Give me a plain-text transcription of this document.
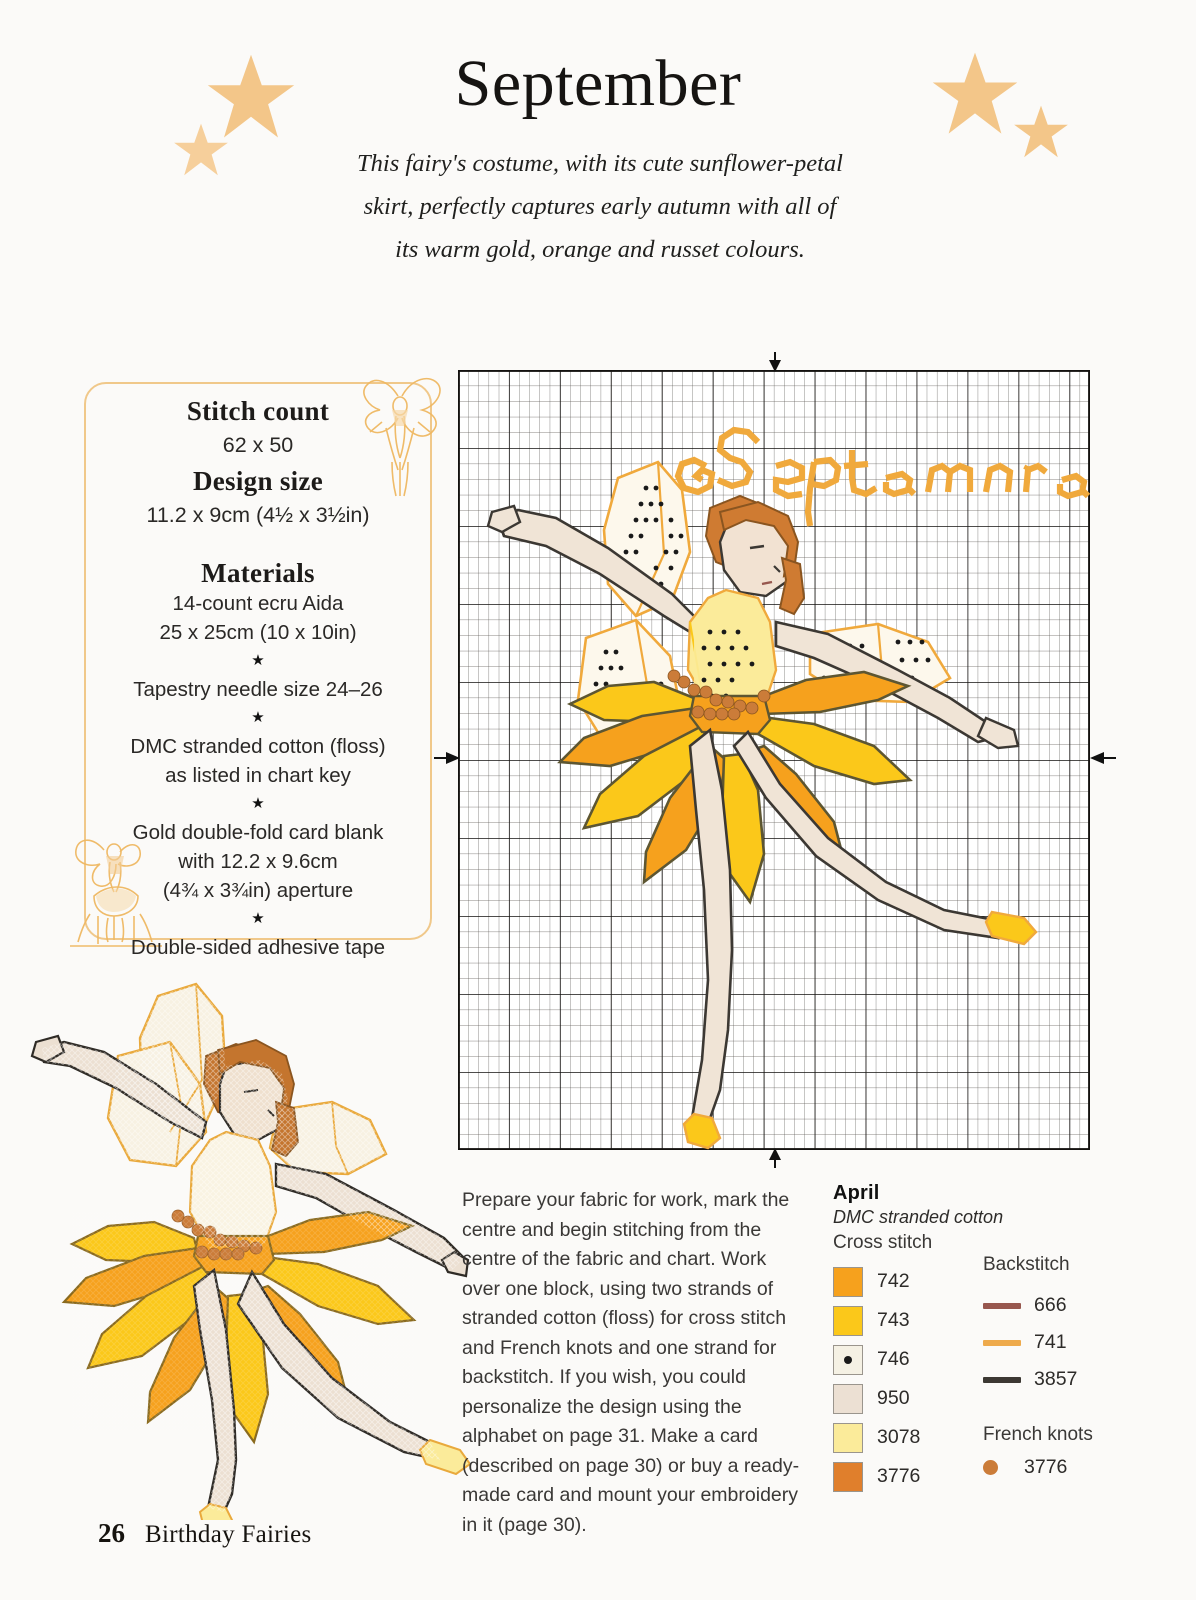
September
This fairy's costume, with its cute sunflower-petal
skirt, perfectly captures early autumn with all of
its warm gold, orange and russet colours.
Stitch count
62 x 50
Design size
11.2 x 9cm (4½ x 3½in)
Materials
14-count ecru Aida
25 x 25cm (10 x 10in)
★
Tapestry needle size 24–26
★
DMC stranded cotton (floss)
as listed in chart key
★
Gold double-fold card blank
with 12.2 x 9.6cm
(4¾ x 3¾in) aperture
★
Double-sided adhesive tape
Prepare your fabric for work, mark the centre and begin stitching from the centre of the fabric and chart. Work over one block, using two strands of stranded cotton (floss) for cross stitch and French knots and one strand for backstitch. If you wish, you could personalize the design using the alphabet on page 31. Make a card (described on page 30) or buy a ready-made card and mount your embroidery in it (page 30).
April
DMC stranded cotton
Cross stitch
742
743
746
950
3078
3776
Backstitch
666
741
3857
French knots
3776
26 Birthday Fairies
